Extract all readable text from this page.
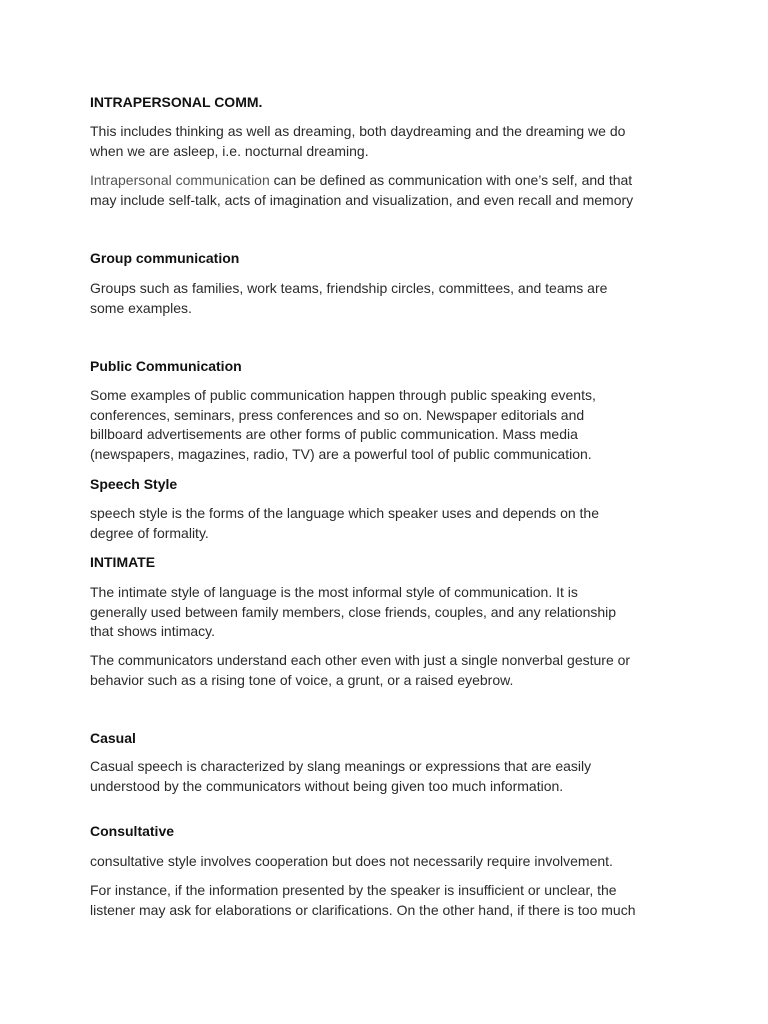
INTRAPERSONAL COMM.
This includes thinking as well as dreaming, both daydreaming and the dreaming we do
when we are asleep, i.e. nocturnal dreaming.
Intrapersonal communication can be defined as communication with one’s self, and that
may include self-talk, acts of imagination and visualization, and even recall and memory
Group communication
Groups such as families, work teams, friendship circles, committees, and teams are
some examples.
Public Communication
Some examples of public communication happen through public speaking events,
conferences, seminars, press conferences and so on. Newspaper editorials and
billboard advertisements are other forms of public communication. Mass media
(newspapers, magazines, radio, TV) are a powerful tool of public communication.
Speech Style
speech style is the forms of the language which speaker uses and depends on the
degree of formality.
INTIMATE
The intimate style of language is the most informal style of communication. It is
generally used between family members, close friends, couples, and any relationship
that shows intimacy.
The communicators understand each other even with just a single nonverbal gesture or
behavior such as a rising tone of voice, a grunt, or a raised eyebrow.
Casual
Casual speech is characterized by slang meanings or expressions that are easily
understood by the communicators without being given too much information.
Consultative
consultative style involves cooperation but does not necessarily require involvement.
For instance, if the information presented by the speaker is insufficient or unclear, the
listener may ask for elaborations or clarifications. On the other hand, if there is too much
